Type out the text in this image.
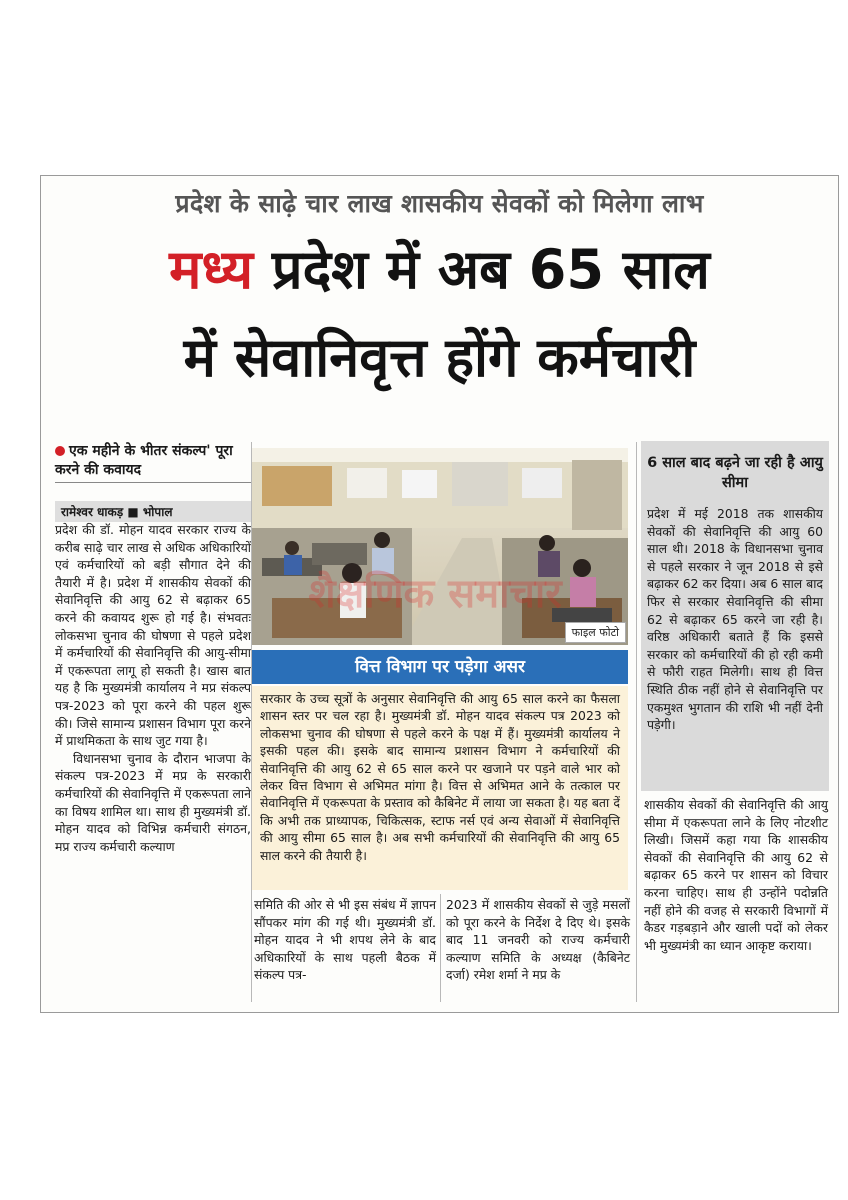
प्रदेश के साढ़े चार लाख शासकीय सेवकों को मिलेगा लाभ
मध्य प्रदेश में अब 65 साल
में सेवानिवृत्त होंगे कर्मचारी
एक महीने के भीतर संकल्प' पूरा करने की कवायद
रामेश्वर धाकड़ ■ भोपाल

प्रदेश की डॉ. मोहन यादव सरकार राज्य के करीब साढ़े चार लाख से अधिक अधिकारियों एवं कर्मचारियों को बड़ी सौगात देने की तैयारी में है। प्रदेश में शासकीय सेवकों की सेवानिवृत्ति की आयु 62 से बढ़ाकर 65 करने की कवायद शुरू हो गई है। संभवतः लोकसभा चुनाव की घोषणा से पहले प्रदेश में कर्मचारियों की सेवानिवृत्ति की आयु-सीमा में एकरूपता लागू हो सकती है। खास बात यह है कि मुख्यमंत्री कार्यालय ने मप्र संकल्प पत्र-2023 को पूरा करने की पहल शुरू की। जिसे सामान्य प्रशासन विभाग पूरा करने में प्राथमिकता के साथ जुट गया है।

विधानसभा चुनाव के दौरान भाजपा के संकल्प पत्र-2023 में मप्र के सरकारी कर्मचारियों की सेवानिवृत्ति में एकरूपता लाने का विषय शामिल था। साथ ही मुख्यमंत्री डॉ. मोहन यादव को विभिन्न कर्मचारी संगठन, मप्र राज्य कर्मचारी कल्याण

फाइल फोटो
शैक्षणिक समाचार
वित्त विभाग पर पड़ेगा असर
सरकार के उच्च सूत्रों के अनुसार सेवानिवृत्ति की आयु 65 साल करने का फैसला शासन स्तर पर चल रहा है। मुख्यमंत्री डॉ. मोहन यादव संकल्प पत्र 2023 को लोकसभा चुनाव की घोषणा से पहले करने के पक्ष में हैं। मुख्यमंत्री कार्यालय ने इसकी पहल की। इसके बाद सामान्य प्रशासन विभाग ने कर्मचारियों की सेवानिवृत्ति की आयु 62 से 65 साल करने पर खजाने पर पड़ने वाले भार को लेकर वित्त विभाग से अभिमत मांगा है। वित्त से अभिमत आने के तत्काल पर सेवानिवृत्ति में एकरूपता के प्रस्ताव को कैबिनेट में लाया जा सकता है। यह बता दें कि अभी तक प्राध्यापक, चिकित्सक, स्टाफ नर्स एवं अन्य सेवाओं में सेवानिवृत्ति की आयु सीमा 65 साल है। अब सभी कर्मचारियों की सेवानिवृत्ति की आयु 65 साल करने की तैयारी है।
समिति की ओर से भी इस संबंध में ज्ञापन सौंपकर मांग की गई थी। मुख्यमंत्री डॉ. मोहन यादव ने भी शपथ लेने के बाद अधिकारियों के साथ पहली बैठक में संकल्प पत्र-
2023 में शासकीय सेवकों से जुड़े मसलों को पूरा करने के निर्देश दे दिए थे। इसके बाद 11 जनवरी को राज्य कर्मचारी कल्याण समिति के अध्यक्ष (कैबिनेट दर्जा) रमेश शर्मा ने मप्र के
6 साल बाद बढ़ने जा रही है आयु सीमा
प्रदेश में मई 2018 तक शासकीय सेवकों की सेवानिवृत्ति की आयु 60 साल थी। 2018 के विधानसभा चुनाव से पहले सरकार ने जून 2018 से इसे बढ़ाकर 62 कर दिया। अब 6 साल बाद फिर से सरकार सेवानिवृत्ति की सीमा 62 से बढ़ाकर 65 करने जा रही है। वरिष्ठ अधिकारी बताते हैं कि इससे सरकार को कर्मचारियों की हो रही कमी से फौरी राहत मिलेगी। साथ ही वित्त स्थिति ठीक नहीं होने से सेवानिवृत्ति पर एकमुश्त भुगतान की राशि भी नहीं देनी पड़ेगी।
शासकीय सेवकों की सेवानिवृत्ति की आयु सीमा में एकरूपता लाने के लिए नोटशीट लिखी। जिसमें कहा गया कि शासकीय सेवकों की सेवानिवृत्ति की आयु 62 से बढ़ाकर 65 करने पर शासन को विचार करना चाहिए। साथ ही उन्होंने पदोन्नति नहीं होने की वजह से सरकारी विभागों में कैडर गड़बड़ाने और खाली पदों को लेकर भी मुख्यमंत्री का ध्यान आकृष्ट कराया।
